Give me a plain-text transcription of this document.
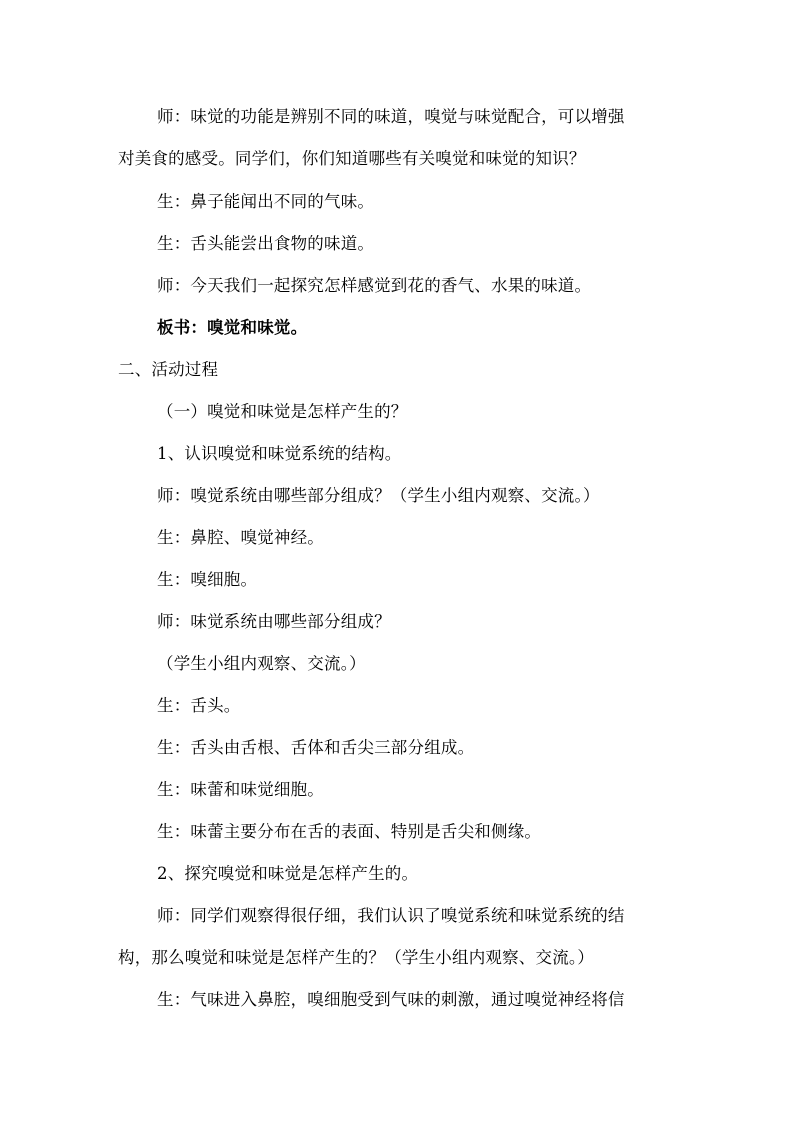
师：味觉的功能是辨别不同的味道，嗅觉与味觉配合，可以增强
对美食的感受。同学们，你们知道哪些有关嗅觉和味觉的知识？
生：鼻子能闻出不同的气味。
生：舌头能尝出食物的味道。
师：今天我们一起探究怎样感觉到花的香气、水果的味道。
板书：嗅觉和味觉。
二、活动过程
（一）嗅觉和味觉是怎样产生的？
1、认识嗅觉和味觉系统的结构。
师：嗅觉系统由哪些部分组成？（学生小组内观察、交流。）
生：鼻腔、嗅觉神经。
生：嗅细胞。
师：味觉系统由哪些部分组成？
（学生小组内观察、交流。）
生：舌头。
生：舌头由舌根、舌体和舌尖三部分组成。
生：味蕾和味觉细胞。
生：味蕾主要分布在舌的表面、特别是舌尖和侧缘。
2、探究嗅觉和味觉是怎样产生的。
师：同学们观察得很仔细，我们认识了嗅觉系统和味觉系统的结
构，那么嗅觉和味觉是怎样产生的？（学生小组内观察、交流。）
生：气味进入鼻腔，嗅细胞受到气味的刺激，通过嗅觉神经将信
